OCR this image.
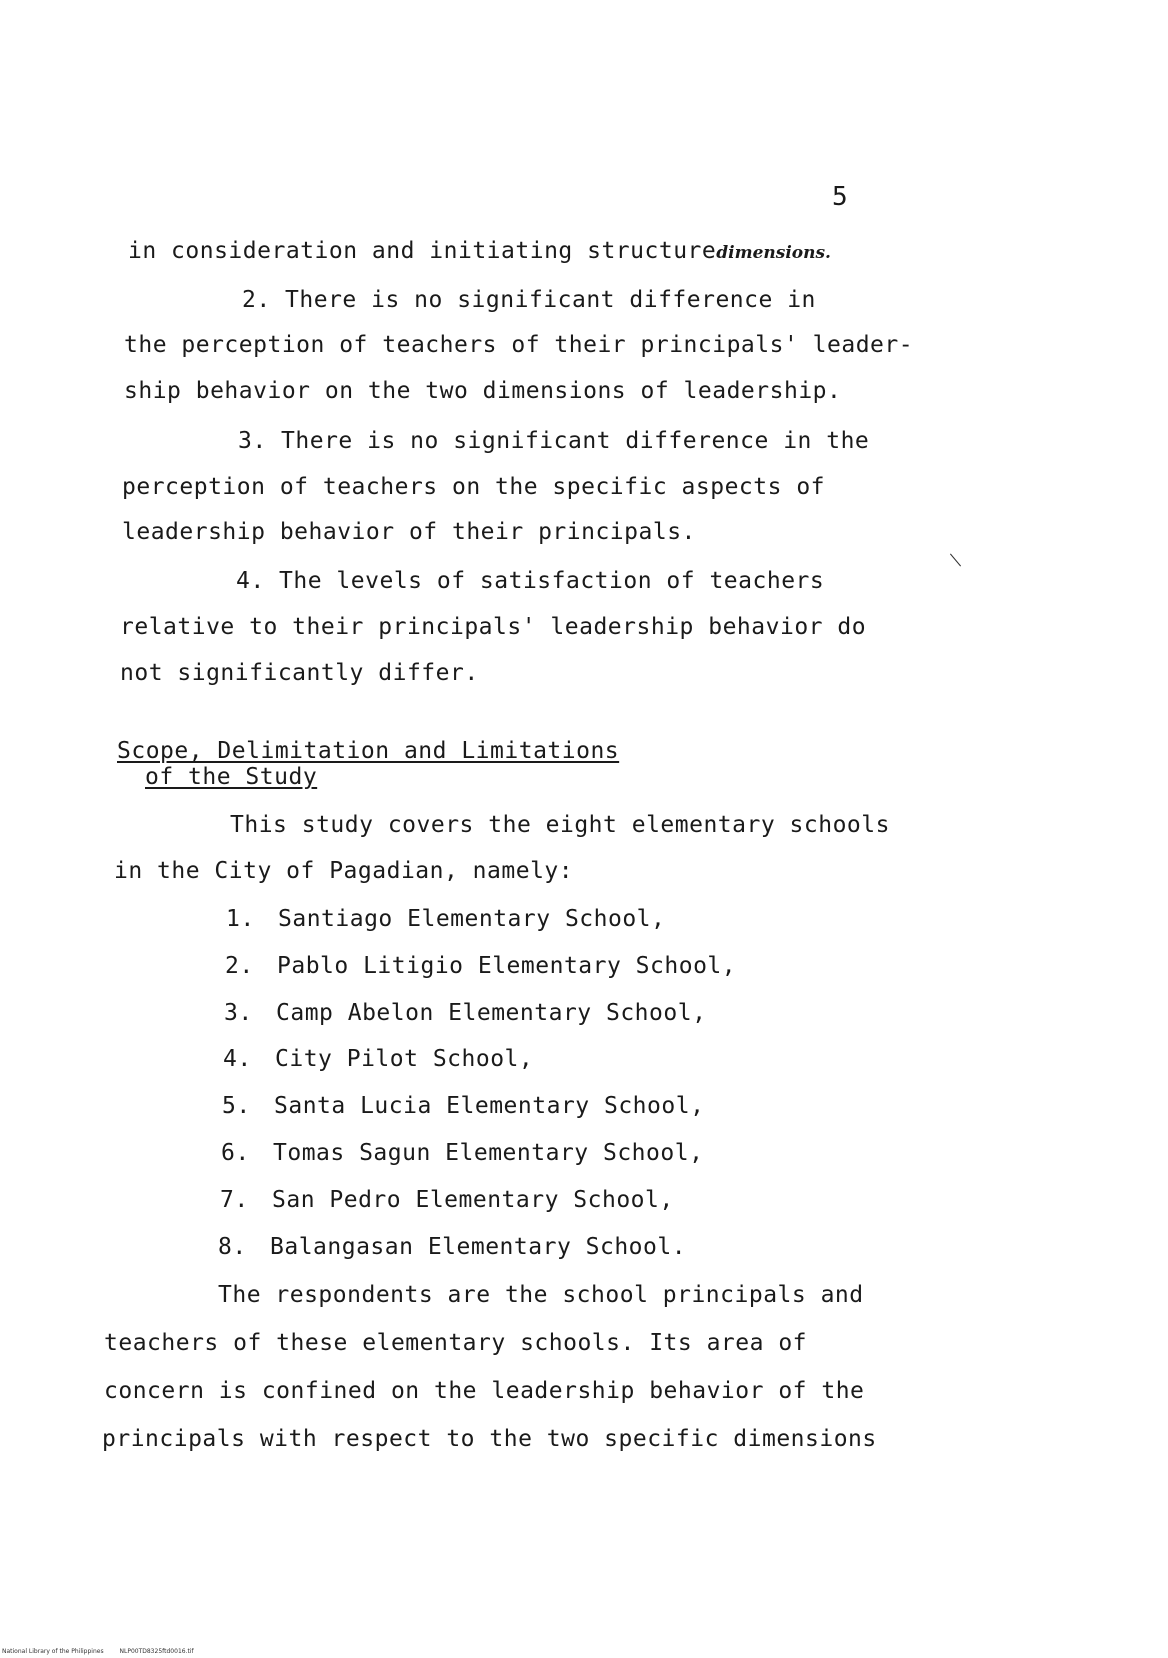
5
in consideration and initiating structuredimensions.
2. There is no significant difference in
the perception of teachers of their principals' leader-
ship behavior on the two dimensions of leadership.
3. There is no significant difference in the
perception of teachers on the specific aspects of
leadership behavior of their principals.
4. The levels of satisfaction of teachers
relative to their principals' leadership behavior do
not significantly differ.
Scope, Delimitation and Limitations
of the Study
This study covers the eight elementary schools
in the City of Pagadian, namely:
1. Santiago Elementary School,
2. Pablo Litigio Elementary School,
3. Camp Abelon Elementary School,
4. City Pilot School,
5. Santa Lucia Elementary School,
6. Tomas Sagun Elementary School,
7. San Pedro Elementary School,
8. Balangasan Elementary School.
The respondents are the school principals and
teachers of these elementary schools. Its area of
concern is confined on the leadership behavior of the
principals with respect to the two specific dimensions
National Library of the Philippines	NLP00TD8325ftd0016.tif
